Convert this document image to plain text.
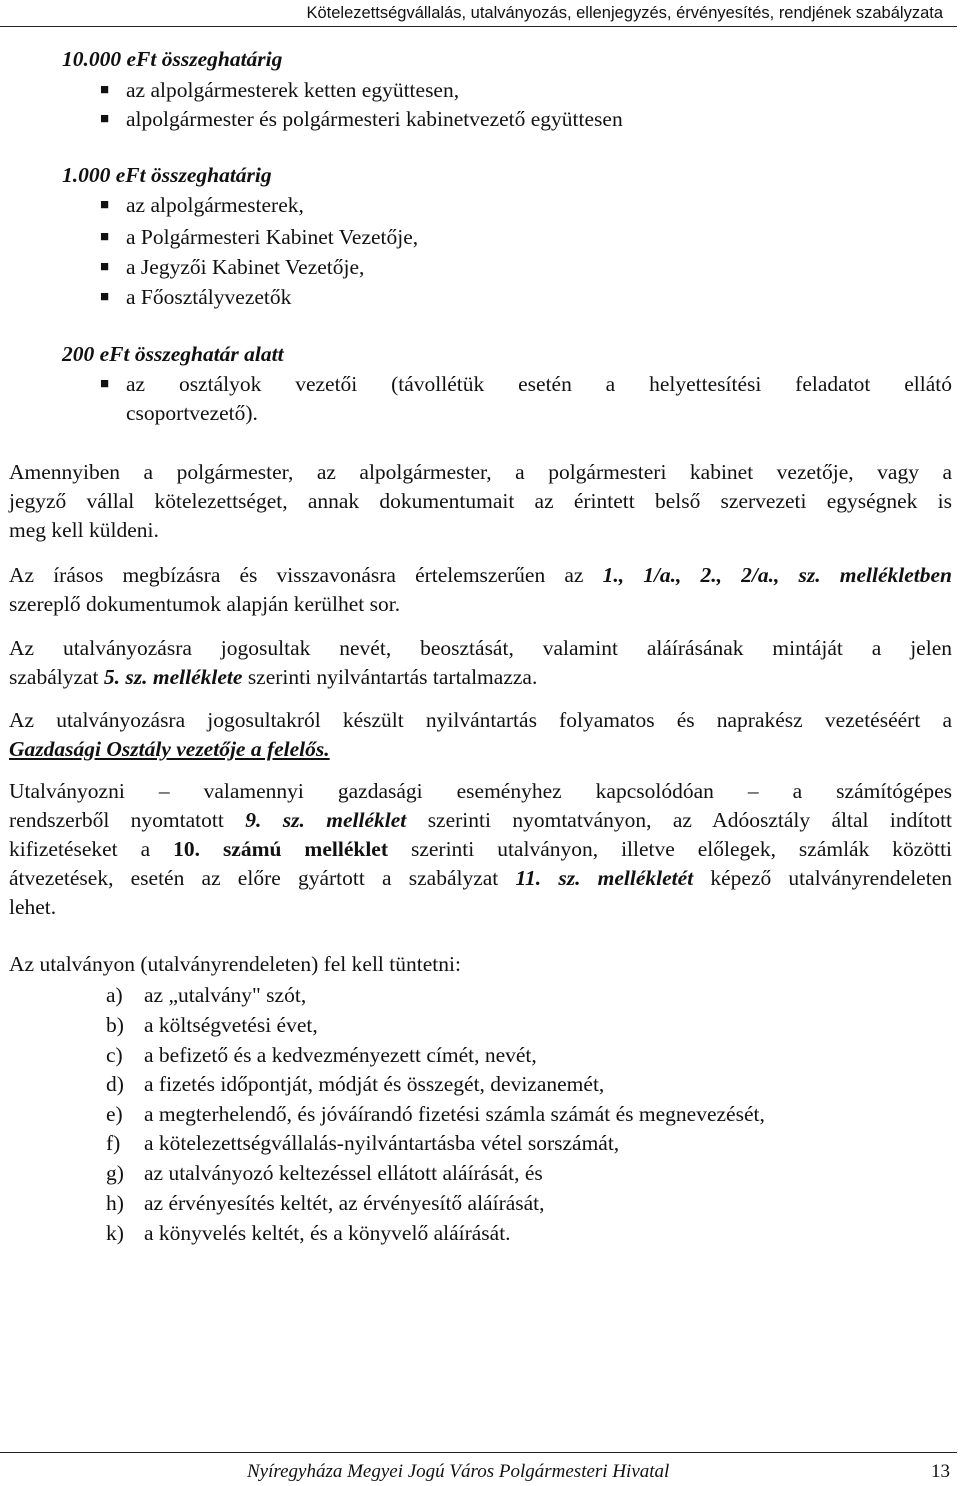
Kötelezettségvállalás, utalványozás, ellenjegyzés, érvényesítés, rendjének szabályzata
10.000 eFt összeghatárig
■ az alpolgármesterek ketten együttesen,
■ alpolgármester és polgármesteri kabinetvezető együttesen
1.000 eFt összeghatárig
■ az alpolgármesterek,
■ a Polgármesteri Kabinet Vezetője,
■ a Jegyzői Kabinet Vezetője,
■ a Főosztályvezetők
200 eFt összeghatár alatt
■ az osztályok vezetői (távollétük esetén a helyettesítési feladatot ellátó
csoportvezető).
Amennyiben a polgármester, az alpolgármester, a polgármesteri kabinet vezetője, vagy a
jegyző vállal kötelezettséget, annak dokumentumait az érintett belső szervezeti egységnek is
meg kell küldeni.
Az írásos megbízásra és visszavonásra értelemszerűen az 1., 1/a., 2., 2/a., sz. mellékletben
szereplő dokumentumok alapján kerülhet sor.
Az utalványozásra jogosultak nevét, beosztását, valamint aláírásának mintáját a jelen
szabályzat 5. sz. melléklete szerinti nyilvántartás tartalmazza.
Az utalványozásra jogosultakról készült nyilvántartás folyamatos és naprakész vezetéséért a
Gazdasági Osztály vezetője a felelős.
Utalványozni – valamennyi gazdasági eseményhez kapcsolódóan – a számítógépes
rendszerből nyomtatott 9. sz. melléklet szerinti nyomtatványon, az Adóosztály által indított
kifizetéseket a 10. számú melléklet szerinti utalványon, illetve előlegek, számlák közötti
átvezetések, esetén az előre gyártott a szabályzat 11. sz. mellékletét képező utalványrendeleten
lehet.
Az utalványon (utalványrendeleten) fel kell tüntetni:
a) az „utalvány" szót,
b) a költségvetési évet,
c) a befizető és a kedvezményezett címét, nevét,
d) a fizetés időpontját, módját és összegét, devizanemét,
e) a megterhelendő, és jóváírandó fizetési számla számát és megnevezését,
f) a kötelezettségvállalás-nyilvántartásba vétel sorszámát,
g) az utalványozó keltezéssel ellátott aláírását, és
h) az érvényesítés keltét, az érvényesítő aláírását,
k) a könyvelés keltét, és a könyvelő aláírását.
Nyíregyháza Megyei Jogú Város Polgármesteri Hivatal	13
